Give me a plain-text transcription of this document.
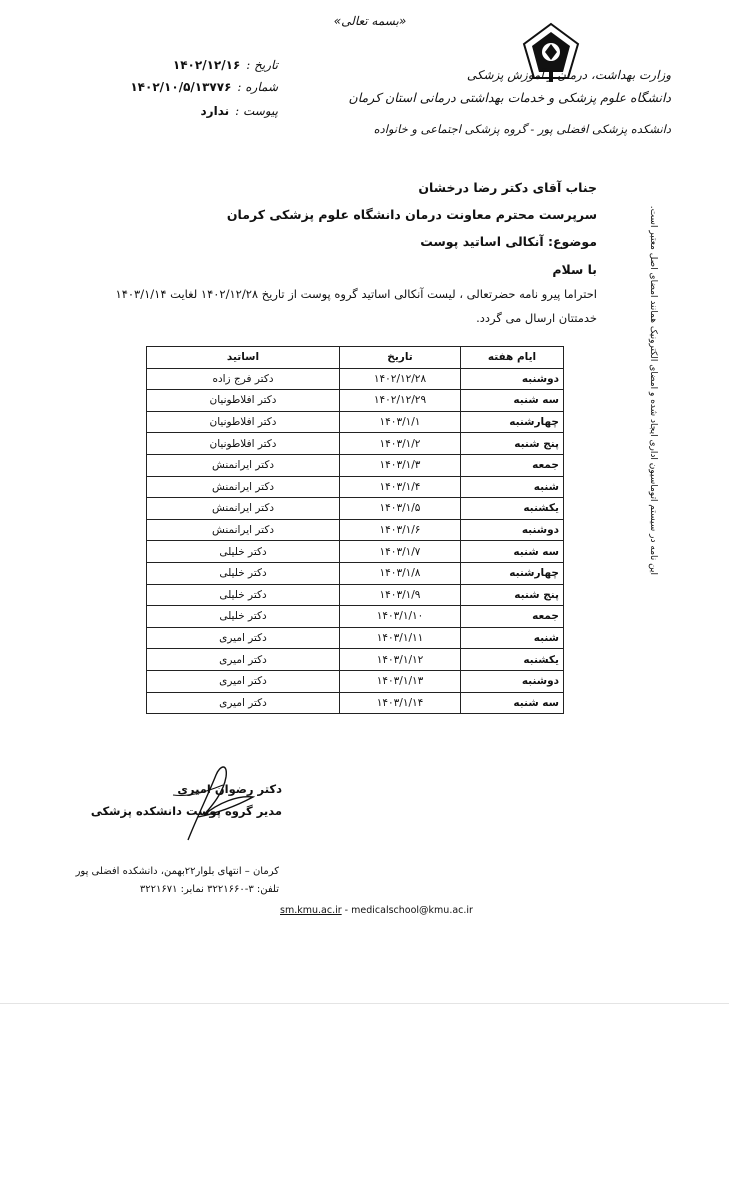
«بسمه تعالی»
وزارت بهداشت، درمان و آموزش پزشکی
دانشگاه علوم پزشکی و خدمات بهداشتی درمانی استان کرمان
دانشکده پزشکی افضلی پور - گروه پزشکی اجتماعی و خانواده
تاریخ :۱۴۰۲/۱۲/۱۶
شماره :۱۴۰۲/۱۰/۵/۱۳۷۷۶
پیوست :ندارد
این نامه در سیستم اتوماسیون اداری ایجاد شده و امضای الکترونیک همانند امضای اصل معتبر است.
جناب آقای دکتر رضا درخشان
سرپرست محترم معاونت درمان دانشگاه علوم پزشکی کرمان
موضوع: آنکالی اساتید پوست
با سلام
احتراما پیرو نامه حضرتعالی ، لیست آنکالی اساتید گروه پوست از تاریخ ۱۴۰۲/۱۲/۲۸ لغایت ۱۴۰۳/۱/۱۴
خدمتتان ارسال می گردد.
ایام هفته	تاریخ	اساتید
دوشنبه	۱۴۰۲/۱۲/۲۸	دکتر فرج زاده
سه شنبه	۱۴۰۲/۱۲/۲۹	دکتر افلاطونیان
چهارشنبه	۱۴۰۳/۱/۱	دکتر افلاطونیان
پنج شنبه	۱۴۰۳/۱/۲	دکتر افلاطونیان
جمعه	۱۴۰۳/۱/۳	دکتر ایرانمنش
شنبه	۱۴۰۳/۱/۴	دکتر ایرانمنش
یکشنبه	۱۴۰۳/۱/۵	دکتر ایرانمنش
دوشنبه	۱۴۰۳/۱/۶	دکتر ایرانمنش
سه شنبه	۱۴۰۳/۱/۷	دکتر خلیلی
چهارشنبه	۱۴۰۳/۱/۸	دکتر خلیلی
پنج شنبه	۱۴۰۳/۱/۹	دکتر خلیلی
جمعه	۱۴۰۳/۱/۱۰	دکتر خلیلی
شنبه	۱۴۰۳/۱/۱۱	دکتر امیری
یکشنبه	۱۴۰۳/۱/۱۲	دکتر امیری
دوشنبه	۱۴۰۳/۱/۱۳	دکتر امیری
سه شنبه	۱۴۰۳/۱/۱۴	دکتر امیری
دکتر رضوان امیری
مدیر گروه پوست دانشکده پزشکی
کرمان – انتهای بلوار۲۲بهمن، دانشکده افضلی پور
تلفن: ۳-۳۲۲۱۶۶۰ نمابر: ۳۲۲۱۶۷۱
sm.kmu.ac.ir - medicalschool@kmu.ac.ir
